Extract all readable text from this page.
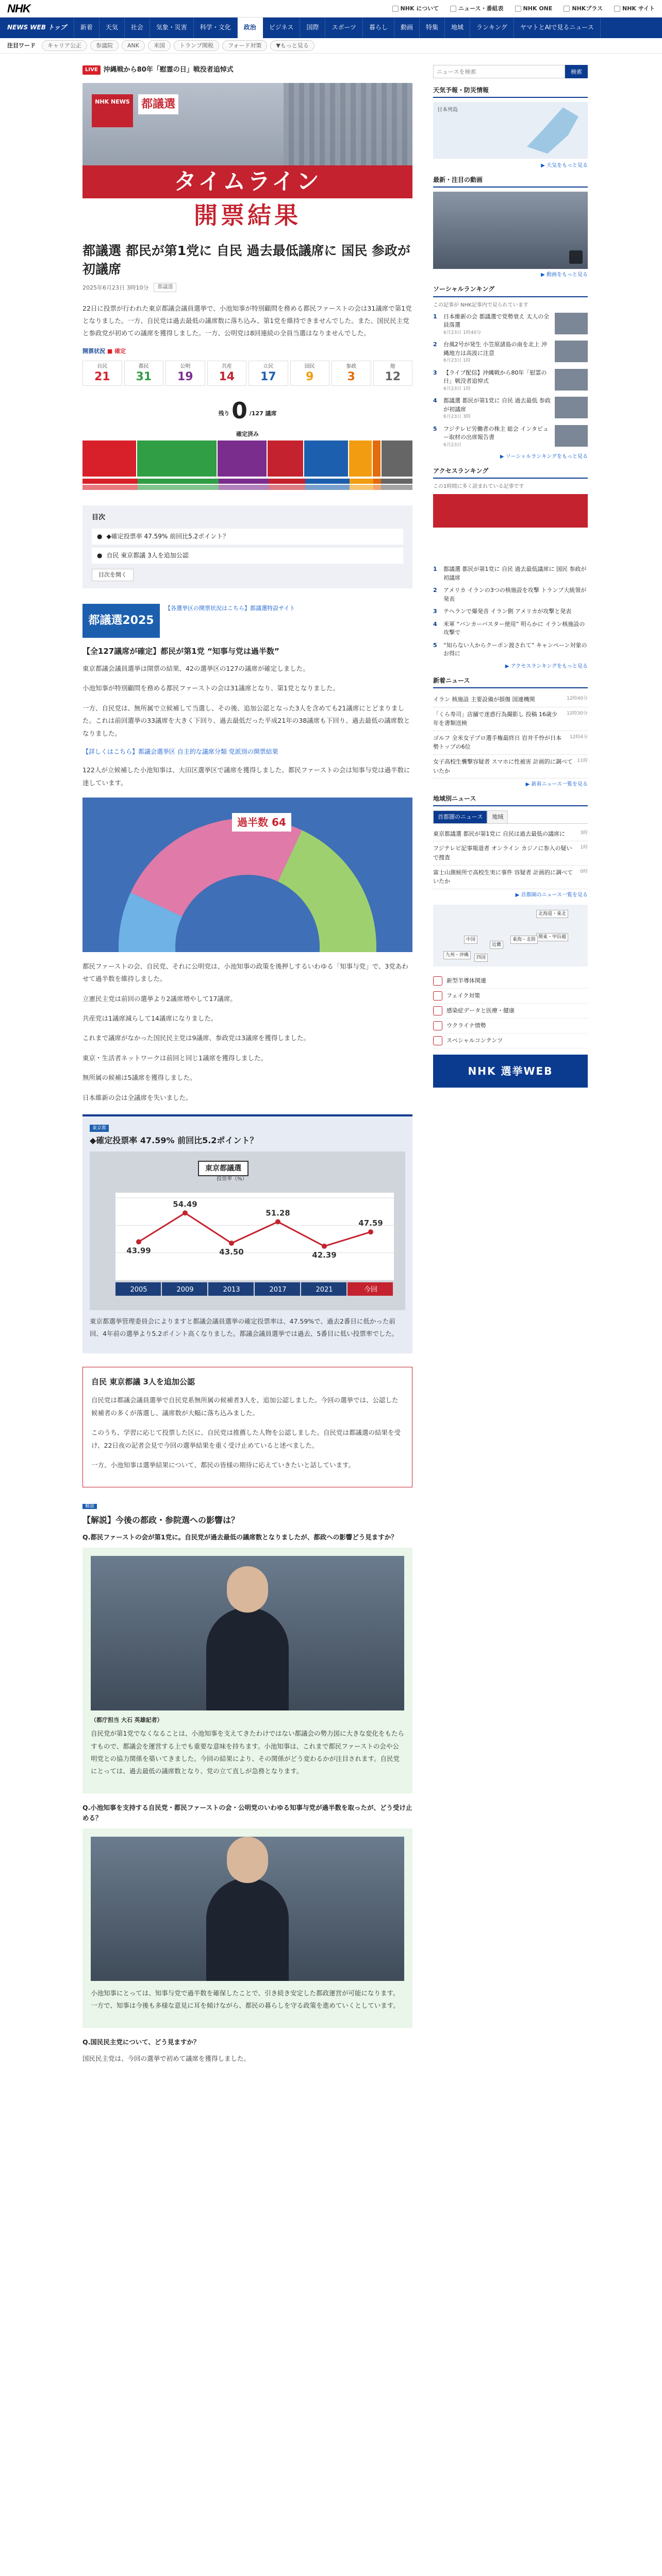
NHK	NHK について	ニュース・番組表	NHK ONE	NHKプラス	NHK サイト
NEWS WEB トップ	新着	天気	社会	気象・災害	科学・文化	政治	ビジネス	国際	スポーツ	暮らし	動画	特集	地域	ランキング	ヤマトとAIで見るニュース
注目ワード	キャリア公正	参議院	ANK	米国	トランプ関税	フォード対策	▼もっと見る
LIVE 沖縄戦から80年「慰霊の日」戦没者追悼式
NHK NEWS 都議選
タイムライン
開票結果
都議選 都民が第1党に 自民 過去最低議席に 国民 参政が初議席
2025年6月23日 3時10分	都議選

22日に投票が行われた東京都議会議員選挙で、小池知事が特別顧問を務める都民ファーストの会は31議席で第1党となりました。一方、自民党は過去最低の議席数に落ち込み、第1党を維持できませんでした。また、国民民主党と参政党が初めての議席を獲得しました。一方、公明党は8回連続の全員当選はなりませんでした。

開票状況 ■ 確定
自民
21
都民
31
公明
19
共産
14
立民
17
国民
9
参政
3
他
12
残り 0 /127 議席
確定済み
目次
● ◆確定投票率 47.59% 前回比5.2ポイント？
● 自民 東京都議 3人を追加公認
目次を開く
都議選2025
【各選挙区の開票状況はこちら】都議選特設サイト
【全127議席が確定】都民が第1党 “知事与党は過半数”

東京都議会議員選挙は開票の結果、42の選挙区の127の議席が確定しました。

小池知事が特別顧問を務める都民ファーストの会は31議席となり、第1党となりました。

一方、自民党は、無所属で立候補して当選し、その後、追加公認となった3人を含めても21議席にとどまりました。これは前回選挙の33議席を大きく下回り、過去最低だった平成21年の38議席も下回り、過去最低の議席数となりました。

【詳しくはこちら】都議会選挙区 自主的な議席分類 党派別の開票結果

122人が立候補した小池知事は、大田区選挙区で議席を獲得しました。都民ファーストの会は知事与党は過半数に達しています。

過半数 64

都民ファーストの会、自民党、それに公明党は、小池知事の政策を後押しするいわゆる「知事与党」で、3党あわせて過半数を維持しました。

立憲民主党は前回の選挙より2議席増やして17議席。

共産党は1議席減らして14議席になりました。

これまで議席がなかった国民民主党は9議席、参政党は3議席を獲得しました。

東京・生活者ネットワークは前回と同じ1議席を獲得しました。

無所属の候補は5議席を獲得しました。

日本維新の会は全議席を失いました。

東京都
◆確定投票率 47.59% 前回比5.2ポイント？
43.99
2005
54.49
2009
43.50
2013
51.28
2017
42.39
2021
47.59
今回
東京都議選
投票率（%）

東京都選挙管理委員会によりますと都議会議員選挙の確定投票率は、47.59%で、過去2番目に低かった前回、4年前の選挙より5.2ポイント高くなりました。都議会議員選挙では過去、5番目に低い投票率でした。

自民 東京都議 3人を追加公認

自民党は都議会議員選挙で自民党系無所属の候補者3人を、追加公認しました。今回の選挙では、公認した候補者の多くが落選し、議席数が大幅に落ち込みました。

このうち、学習に応じて投票した区に、自民党は推薦した人物を公認しました。自民党は都議選の結果を受け、22日夜の記者会見で今回の選挙結果を重く受け止めていると述べました。

一方、小池知事は選挙結果について、都民の皆様の期待に応えていきたいと話しています。

解説
【解説】今後の都政・参院選への影響は？
Q.都民ファーストの会が第1党に。自民党が過去最低の議席数となりましたが、都政への影響どう見ますか？
（都庁担当 大石 英雄記者）

自民党が第1党でなくなることは、小池知事を支えてきたわけではない都議会の勢力図に大きな変化をもたらすもので、都議会を運営する上でも重要な意味を持ちます。小池知事は、これまで都民ファーストの会や公明党との協力関係を築いてきました。今回の結果により、その関係がどう変わるかが注目されます。自民党にとっては、過去最低の議席数となり、党の立て直しが急務となります。

Q.小池知事を支持する自民党・都民ファーストの会・公明党のいわゆる知事与党が過半数を取ったが、どう受け止める？

小池知事にとっては、知事与党で過半数を確保したことで、引き続き安定した都政運営が可能になります。一方で、知事は今後も多様な意見に耳を傾けながら、都民の暮らしを守る政策を進めていくとしています。

Q.国民民主党について、どう見ますか？

国民民主党は、今回の選挙で初めて議席を獲得しました。

ニュースを検索
検索
天気予報・防災情報
日本列島
▶ 天気をもっと見る
最新・注目の動画
▶ 動画をもっと見る
ソーシャルランキング
この記事が NHK記事内で見られています
1	日本維新の会 都議選で党勢衰え 太人の全員落選
6月23日 1時40分
2	台風2号が発生 小笠原諸島の南を北上 沖縄地方は高波に注意
6月23日 1時
3	【ライブ配信】沖縄戦から80年「慰霊の日」戦没者追悼式
6月23日 1時
4	都議選 都民が第1党に 自民 過去最低 参政が初議席
6月23日 3時
5	フジテレビ労働者の株主 総会 インタビュー取材の出席報告書
6月23日
▶ ソーシャルランキングをもっと見る
アクセスランキング
この1時間に多く読まれている記事です
1	都議選 都民が第1党に 自民 過去最低議席に 国民 参政が初議席
2	アメリカ イランの3つの核施設を攻撃 トランプ大統領が発表
3	テヘランで爆発音 イラン側 アメリカが攻撃と発表
4	米軍 “バンカーバスター使用” 明らかに イラン核施設の攻撃で
5	“知らない人からクーポン渡されて” キャンペーン対象のお得に
▶ アクセスランキングをもっと見る
新着ニュース
イラン 核施設 主要設備が損傷 国連機関	12時40分
「くら寿司」店舗で迷惑行為撮影し 投稿 16歳少年を書類送検
12時30分
ゴルフ 全米女子プロ選手権最終日 岩井千怜が日本勢トップの6位
12時4分
女子高校生襲撃容疑者 スマホに性被害 計画的に調べていたか
11時
▶ 新着ニュース一覧を見る
地域別ニュース
首都圏のニュース	地域
東京都議選 都民が第1党に 自民は過去最低の議席に	3時
フジテレビ記事報道者 オンライン カジノに参入の疑いで捜査
1時
富士山測候所で高校生実に事件 容疑者 計画的に調べていたか
0時
▶ 首都圏のニュース一覧を見る
北海道・東北
関東・甲信越
東海・北陸
近畿
中国
四国
九州・沖縄
新型半導体関連
フェイク対策
感染症データと医療・健康
ウクライナ情勢
スペシャルコンテンツ
NHK 選挙WEB
